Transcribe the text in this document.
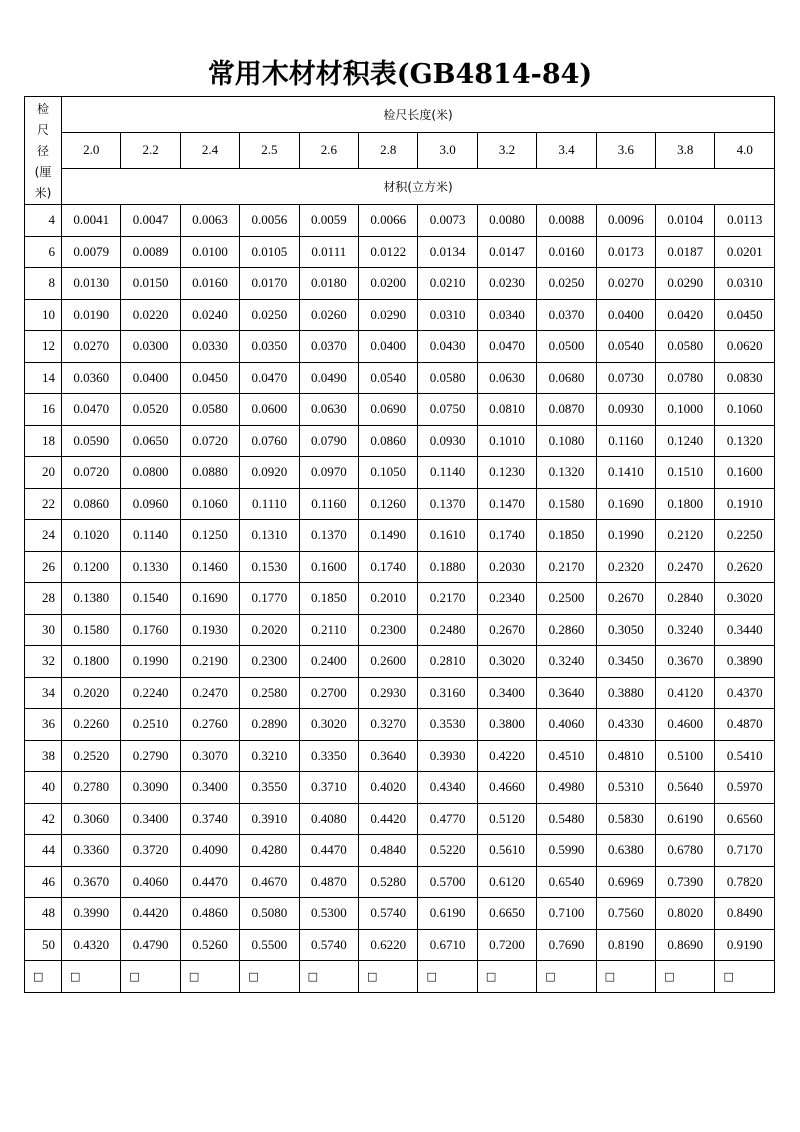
常用木材材积表(GB4814-84)
检
尺
径
(厘
米)	检尺长度(米)											
	2.0	2.2	2.4	2.5	2.6	2.8	3.0	3.2	3.4	3.6	3.8	4.0
	材积(立方米)											
4	0.0041	0.0047	0.0063	0.0056	0.0059	0.0066	0.0073	0.0080	0.0088	0.0096	0.0104	0.0113
6	0.0079	0.0089	0.0100	0.0105	0.0111	0.0122	0.0134	0.0147	0.0160	0.0173	0.0187	0.0201
8	0.0130	0.0150	0.0160	0.0170	0.0180	0.0200	0.0210	0.0230	0.0250	0.0270	0.0290	0.0310
10	0.0190	0.0220	0.0240	0.0250	0.0260	0.0290	0.0310	0.0340	0.0370	0.0400	0.0420	0.0450
12	0.0270	0.0300	0.0330	0.0350	0.0370	0.0400	0.0430	0.0470	0.0500	0.0540	0.0580	0.0620
14	0.0360	0.0400	0.0450	0.0470	0.0490	0.0540	0.0580	0.0630	0.0680	0.0730	0.0780	0.0830
16	0.0470	0.0520	0.0580	0.0600	0.0630	0.0690	0.0750	0.0810	0.0870	0.0930	0.1000	0.1060
18	0.0590	0.0650	0.0720	0.0760	0.0790	0.0860	0.0930	0.1010	0.1080	0.1160	0.1240	0.1320
20	0.0720	0.0800	0.0880	0.0920	0.0970	0.1050	0.1140	0.1230	0.1320	0.1410	0.1510	0.1600
22	0.0860	0.0960	0.1060	0.1110	0.1160	0.1260	0.1370	0.1470	0.1580	0.1690	0.1800	0.1910
24	0.1020	0.1140	0.1250	0.1310	0.1370	0.1490	0.1610	0.1740	0.1850	0.1990	0.2120	0.2250
26	0.1200	0.1330	0.1460	0.1530	0.1600	0.1740	0.1880	0.2030	0.2170	0.2320	0.2470	0.2620
28	0.1380	0.1540	0.1690	0.1770	0.1850	0.2010	0.2170	0.2340	0.2500	0.2670	0.2840	0.3020
30	0.1580	0.1760	0.1930	0.2020	0.2110	0.2300	0.2480	0.2670	0.2860	0.3050	0.3240	0.3440
32	0.1800	0.1990	0.2190	0.2300	0.2400	0.2600	0.2810	0.3020	0.3240	0.3450	0.3670	0.3890
34	0.2020	0.2240	0.2470	0.2580	0.2700	0.2930	0.3160	0.3400	0.3640	0.3880	0.4120	0.4370
36	0.2260	0.2510	0.2760	0.2890	0.3020	0.3270	0.3530	0.3800	0.4060	0.4330	0.4600	0.4870
38	0.2520	0.2790	0.3070	0.3210	0.3350	0.3640	0.3930	0.4220	0.4510	0.4810	0.5100	0.5410
40	0.2780	0.3090	0.3400	0.3550	0.3710	0.4020	0.4340	0.4660	0.4980	0.5310	0.5640	0.5970
42	0.3060	0.3400	0.3740	0.3910	0.4080	0.4420	0.4770	0.5120	0.5480	0.5830	0.6190	0.6560
44	0.3360	0.3720	0.4090	0.4280	0.4470	0.4840	0.5220	0.5610	0.5990	0.6380	0.6780	0.7170
46	0.3670	0.4060	0.4470	0.4670	0.4870	0.5280	0.5700	0.6120	0.6540	0.6969	0.7390	0.7820
48	0.3990	0.4420	0.4860	0.5080	0.5300	0.5740	0.6190	0.6650	0.7100	0.7560	0.8020	0.8490
50	0.4320	0.4790	0.5260	0.5500	0.5740	0.6220	0.6710	0.7200	0.7690	0.8190	0.8690	0.9190
□	□	□	□	□	□	□	□	□	□	□	□	□
